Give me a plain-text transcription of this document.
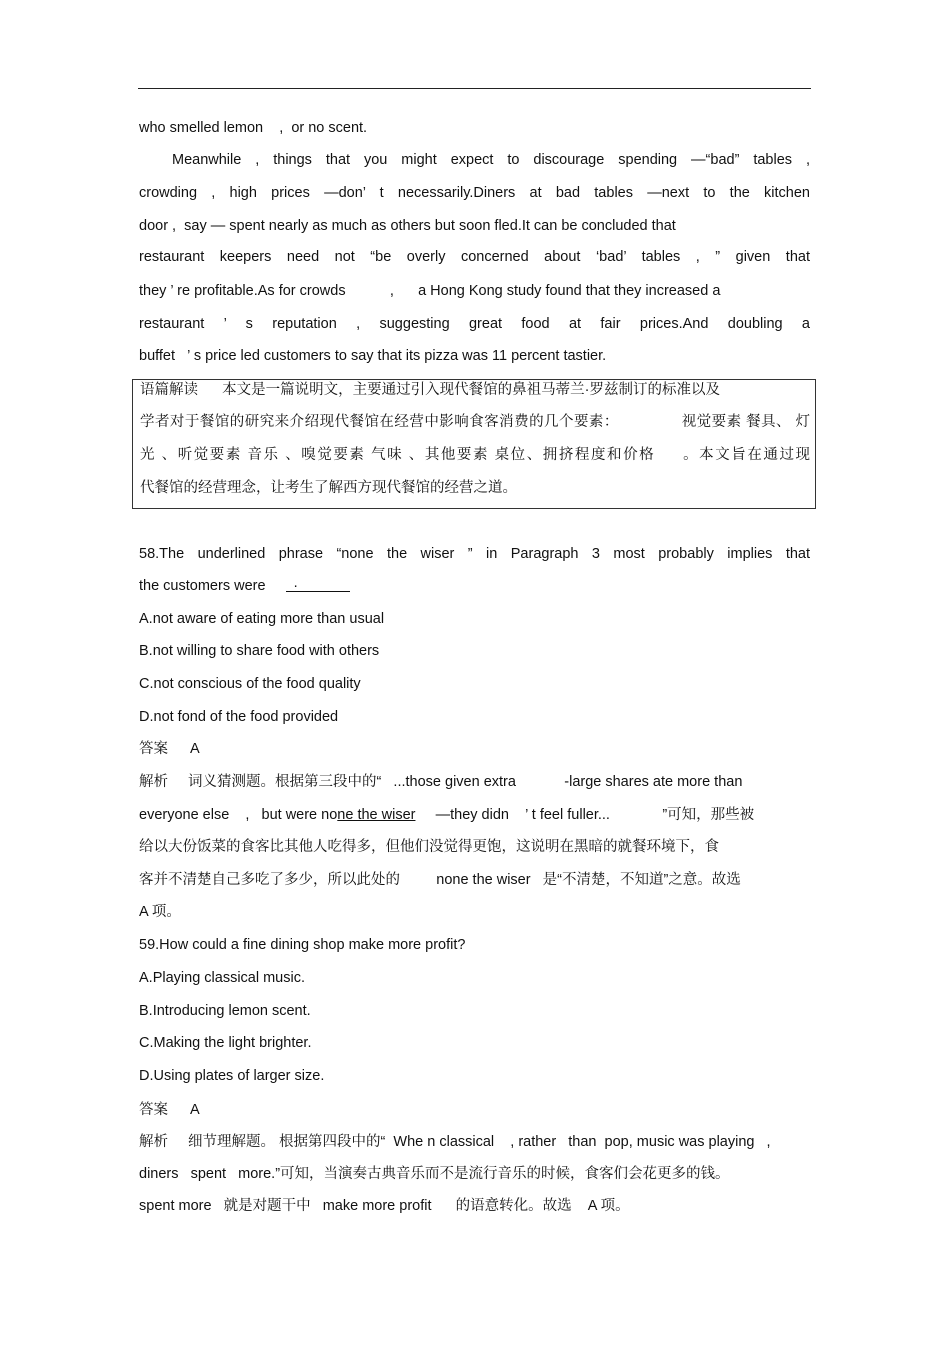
who smelled lemon    ,  or no scent.
Meanwhile , things that you might expect to discourage spending —“bad” tables ,
crowding , high prices —don’ t necessarily.Diners at bad tables —next to the kitchen
door ,  say — spent nearly as much as others but soon fled.It can be concluded that
restaurant keepers need not “be overly concerned about ‘bad’ tables , ” given that
they ’ re profitable.As for crowds           ,      a Hong Kong study found that they increased a
restaurant ’ s reputation , suggesting great food at fair prices.And doubling a
buffet   ’ s price led customers to say that its pizza was 11 percent tastier.
语篇解读      本文是一篇说明文，主要通过引入现代餐馆的鼻祖马蒂兰·罗兹制订的标准以及
学者对于餐馆的研究来介绍现代餐馆在经营中影响食客消费的几个要素：              视觉要素 餐具、 灯
光 、听觉要素 音乐 、嗅觉要素 气味 、其他要素 桌位、拥挤程度和价格     。本文旨在通过现
代餐馆的经营理念，让考生了解西方现代餐馆的经营之道。
58.The underlined phrase “none the wiser ” in Paragraph 3 most probably implies that
the customers were .
A.not aware of eating more than usual
B.not willing to share food with others
C.not conscious of the food quality
D.not fond of the food provided
答案 A
解析 词义猜测题。根据第三段中的“   ...those given extra            -large shares ate more than
everyone else    ,   but were none the wiser     —they didn    ’ t feel fuller...             ”可知，那些被
给以大份饭菜的食客比其他人吃得多，但他们没觉得更饱，这说明在黑暗的就餐环境下，食
客并不清楚自己多吃了多少，所以此处的         none the wiser   是“不清楚，不知道”之意。故选
A 项。
59.How could a fine dining shop make more profit?
A.Playing classical music.
B.Introducing lemon scent.
C.Making the light brighter.
D.Using plates of larger size.
答案 A
解析 细节理解题。 根据第四段中的“  Whe n classical    , rather   than  pop, music was playing   ,
diners   spent   more.”可知，当演奏古典音乐而不是流行音乐的时候，食客们会花更多的钱。
spent more   就是对题干中   make more profit      的语意转化。故选    A 项。
